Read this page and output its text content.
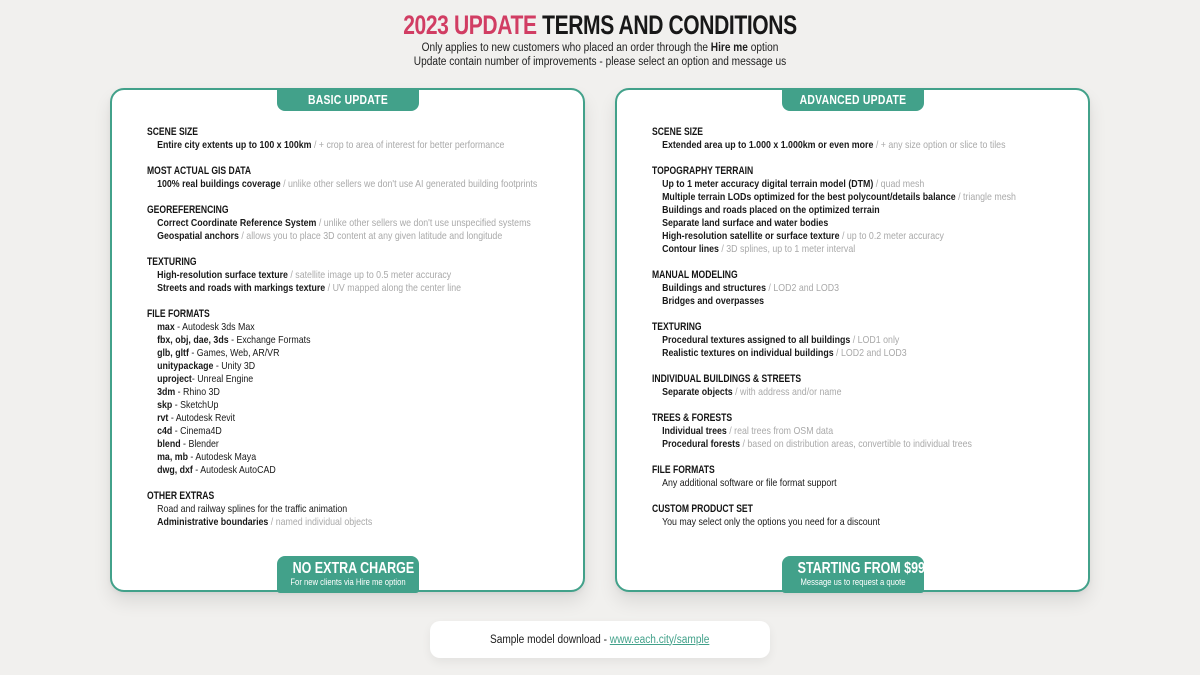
2023 UPDATE TERMS AND CONDITIONS

Only applies to new customers who placed an order through the Hire me option

Update contain number of improvements - please select an option and message us

BASIC UPDATE
SCENE SIZE
Entire city extents up to 100 x 100km / + crop to area of interest for better performance
MOST ACTUAL GIS DATA
100% real buildings coverage / unlike other sellers we don't use AI generated building footprints
GEOREFERENCING
Correct Coordinate Reference System / unlike other sellers we don't use unspecified systems
Geospatial anchors / allows you to place 3D content at any given latitude and longitude
TEXTURING
High-resolution surface texture / satellite image up to 0.5 meter accuracy
Streets and roads with markings texture / UV mapped along the center line
FILE FORMATS
max - Autodesk 3ds Max
fbx, obj, dae, 3ds - Exchange Formats
glb, gltf - Games, Web, AR/VR
unitypackage - Unity 3D
uproject- Unreal Engine
3dm - Rhino 3D
skp - SketchUp
rvt - Autodesk Revit
c4d - Cinema4D
blend - Blender
ma, mb - Autodesk Maya
dwg, dxf - Autodesk AutoCAD
OTHER EXTRAS
Road and railway splines for the traffic animation
Administrative boundaries / named individual objects
NO EXTRA CHARGE
For new clients via Hire me option
ADVANCED UPDATE
SCENE SIZE
Extended area up to 1.000 x 1.000km or even more / + any size option or slice to tiles
TOPOGRAPHY TERRAIN
Up to 1 meter accuracy digital terrain model (DTM) / quad mesh
Multiple terrain LODs optimized for the best polycount/details balance / triangle mesh
Buildings and roads placed on the optimized terrain
Separate land surface and water bodies
High-resolution satellite or surface texture / up to 0.2 meter accuracy
Contour lines / 3D splines, up to 1 meter interval
MANUAL MODELING
Buildings and structures / LOD2 and LOD3
Bridges and overpasses
TEXTURING
Procedural textures assigned to all buildings / LOD1 only
Realistic textures on individual buildings / LOD2 and LOD3
INDIVIDUAL BUILDINGS & STREETS
Separate objects / with address and/or name
TREES & FORESTS
Individual trees / real trees from OSM data
Procedural forests / based on distribution areas, convertible to individual trees
FILE FORMATS
Any additional software or file format support
CUSTOM PRODUCT SET
You may select only the options you need for a discount
STARTING FROM $99
Message us to request a quote
Sample model download - www.each.city/sample
